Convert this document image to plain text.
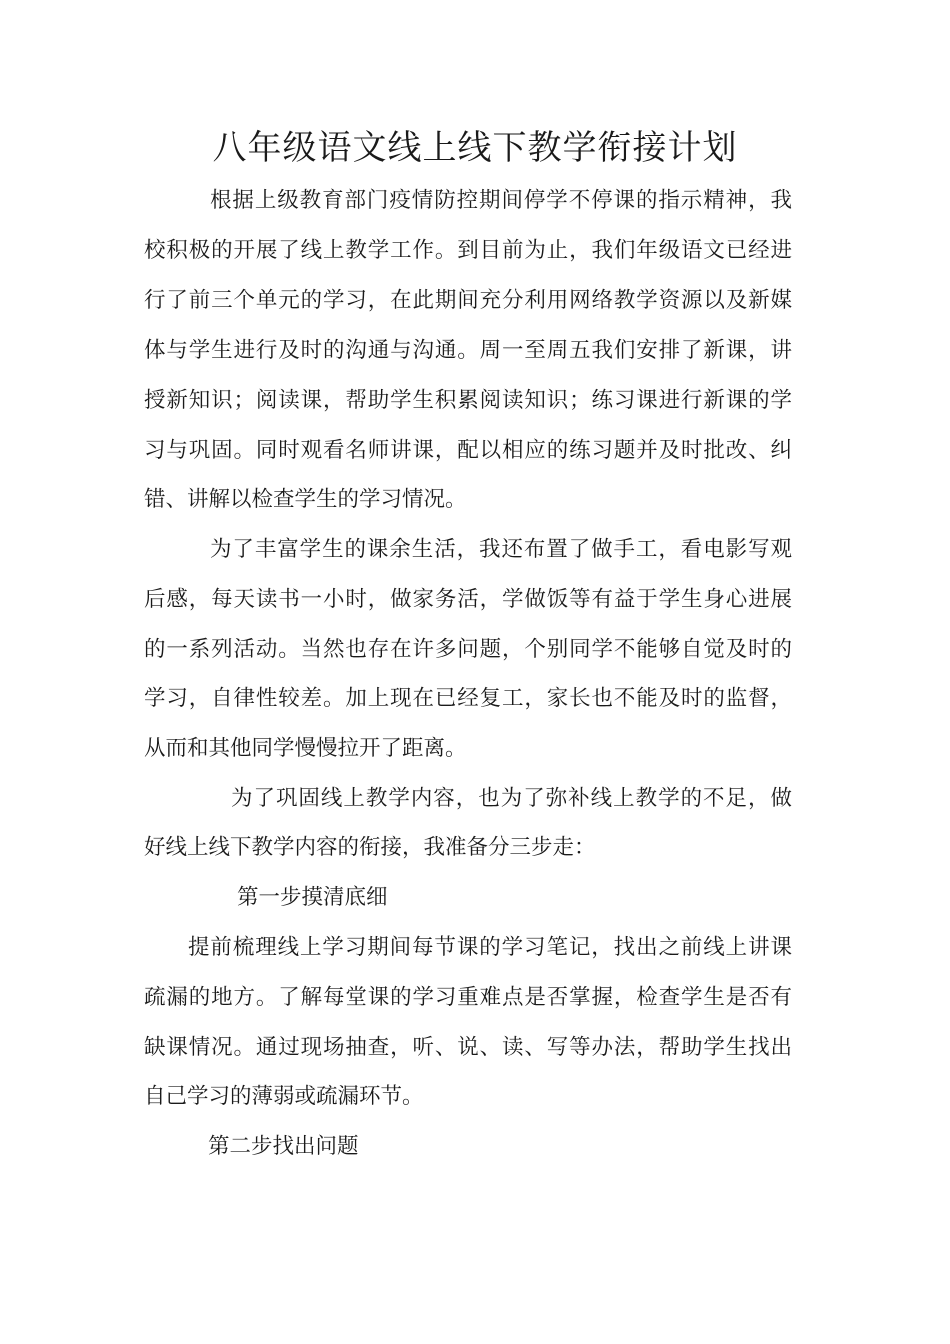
八年级语文线上线下教学衔接计划

根据上级教育部门疫情防控期间停学不停课的指示精神，我

校积极的开展了线上教学工作。到目前为止，我们年级语文已经进

行了前三个单元的学习，在此期间充分利用网络教学资源以及新媒

体与学生进行及时的沟通与沟通。周一至周五我们安排了新课，讲

授新知识；阅读课，帮助学生积累阅读知识；练习课进行新课的学

习与巩固。同时观看名师讲课，配以相应的练习题并及时批改、纠

错、讲解以检查学生的学习情况。

为了丰富学生的课余生活，我还布置了做手工，看电影写观

后感，每天读书一小时，做家务活，学做饭等有益于学生身心进展

的一系列活动。当然也存在许多问题，个别同学不能够自觉及时的

学习，自律性较差。加上现在已经复工，家长也不能及时的监督，

从而和其他同学慢慢拉开了距离。

为了巩固线上教学内容，也为了弥补线上教学的不足，做

好线上线下教学内容的衔接，我准备分三步走：

第一步摸清底细

提前梳理线上学习期间每节课的学习笔记，找出之前线上讲课

疏漏的地方。了解每堂课的学习重难点是否掌握，检查学生是否有

缺课情况。通过现场抽查，听、说、读、写等办法，帮助学生找出

自己学习的薄弱或疏漏环节。

第二步找出问题
